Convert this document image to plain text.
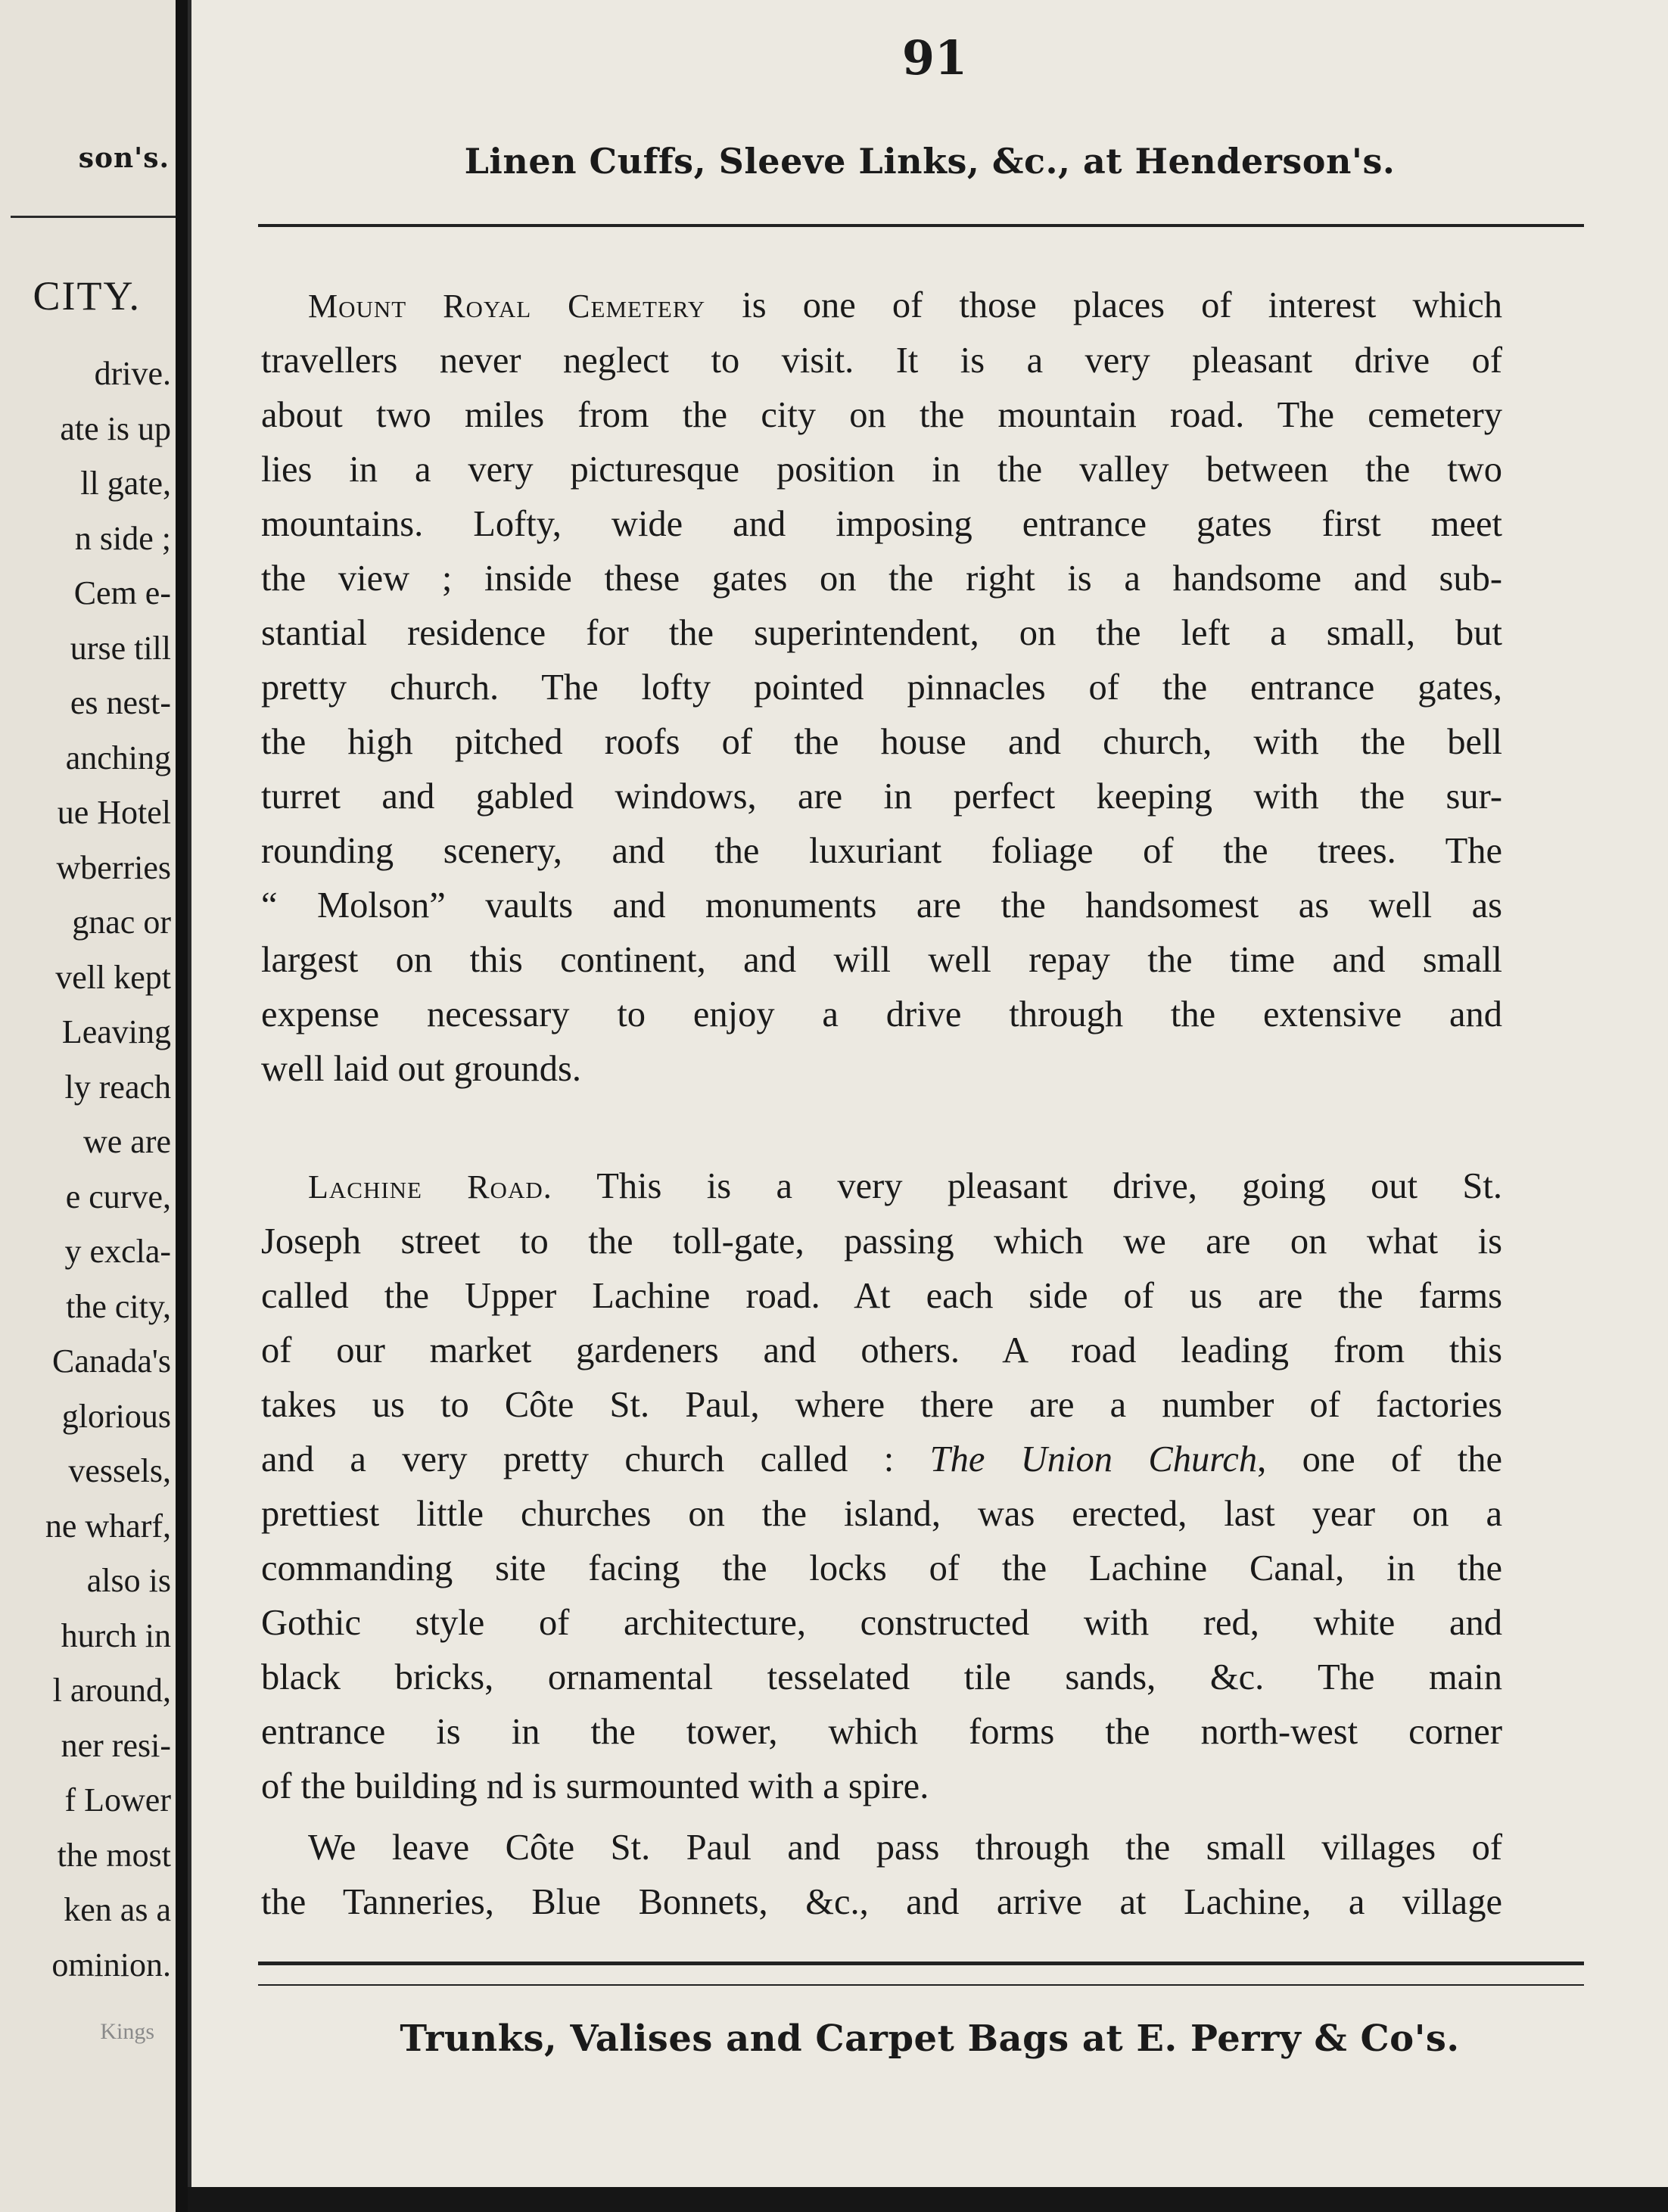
son's.
CITY.
drive.
ate is up
ll gate,
n side ;
Cem e-
urse till
es nest-
anching
ue Hotel
wberries
gnac or
vell kept
Leaving
ly reach
we are
e curve,
y excla-
the city,
Canada's
glorious
vessels,
ne wharf,
also is
hurch in
l around,
ner resi-
f Lower
the most
ken as a
ominion.
Kings
91
Linen Cuffs, Sleeve Links, &c., at Henderson's.
Mount Royal Cemetery is one of those places of interest which
travellers never neglect to visit. It is a very pleasant drive of
about two miles from the city on the mountain road. The cemetery
lies in a very picturesque position in the valley between the two
mountains. Lofty, wide and imposing entrance gates first meet
the view ; inside these gates on the right is a handsome and sub-
stantial residence for the superintendent, on the left a small, but
pretty church. The lofty pointed pinnacles of the entrance gates,
the high pitched roofs of the house and church, with the bell
turret and gabled windows, are in perfect keeping with the sur-
rounding scenery, and the luxuriant foliage of the trees. The
“ Molson” vaults and monuments are the handsomest as well as
largest on this continent, and will well repay the time and small
expense necessary to enjoy a drive through the extensive and
well laid out grounds.
Lachine Road. This is a very pleasant drive, going out St.
Joseph street to the toll-gate, passing which we are on what is
called the Upper Lachine road. At each side of us are the farms
of our market gardeners and others. A road leading from this
takes us to Côte St. Paul, where there are a number of factories
and a very pretty church called : The Union Church, one of the
prettiest little churches on the island, was erected, last year on a
commanding site facing the locks of the Lachine Canal, in the
Gothic style of architecture, constructed with red, white and
black bricks, ornamental tesselated tile sands, &c. The main
entrance is in the tower, which forms the north-west corner
of the building nd is surmounted with a spire.
We leave Côte St. Paul and pass through the small villages of
the Tanneries, Blue Bonnets, &c., and arrive at Lachine, a village
Trunks, Valises and Carpet Bags at E. Perry & Co's.
